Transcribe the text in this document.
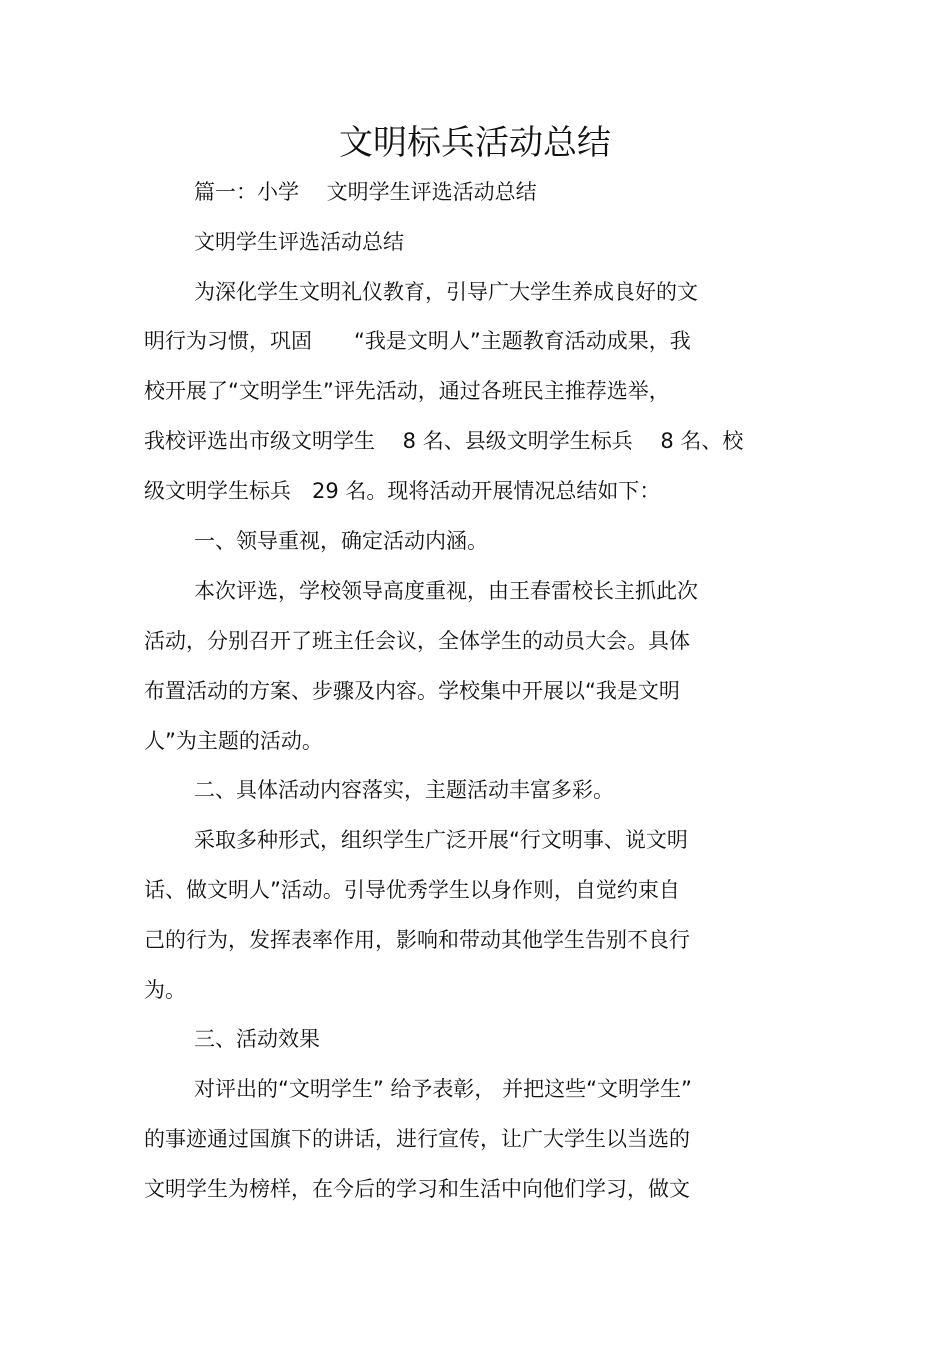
文明标兵活动总结
篇一：小学　 文明学生评选活动总结
文明学生评选活动总结
为深化学生文明礼仪教育，引导广大学生养成良好的文
明行为习惯，巩固　　“我是文明人”主题教育活动成果，我
校开展了“文明学生”评先活动，通过各班民主推荐选举，
我校评选出市级文明学生　 8 名、县级文明学生标兵　 8 名、校
级文明学生标兵　29 名。现将活动开展情况总结如下：
一、领导重视，确定活动内涵。
本次评选，学校领导高度重视，由王春雷校长主抓此次
活动，分别召开了班主任会议，全体学生的动员大会。具体
布置活动的方案、步骤及内容。学校集中开展以“我是文明
人”为主题的活动。
二、具体活动内容落实，主题活动丰富多彩。
采取多种形式，组织学生广泛开展“行文明事、说文明
话、做文明人”活动。引导优秀学生以身作则，自觉约束自
己的行为，发挥表率作用，影响和带动其他学生告别不良行
为。
三、活动效果
对评出的“文明学生” 给予表彰， 并把这些“文明学生”
的事迹通过国旗下的讲话，进行宣传，让广大学生以当选的
文明学生为榜样，在今后的学习和生活中向他们学习，做文
